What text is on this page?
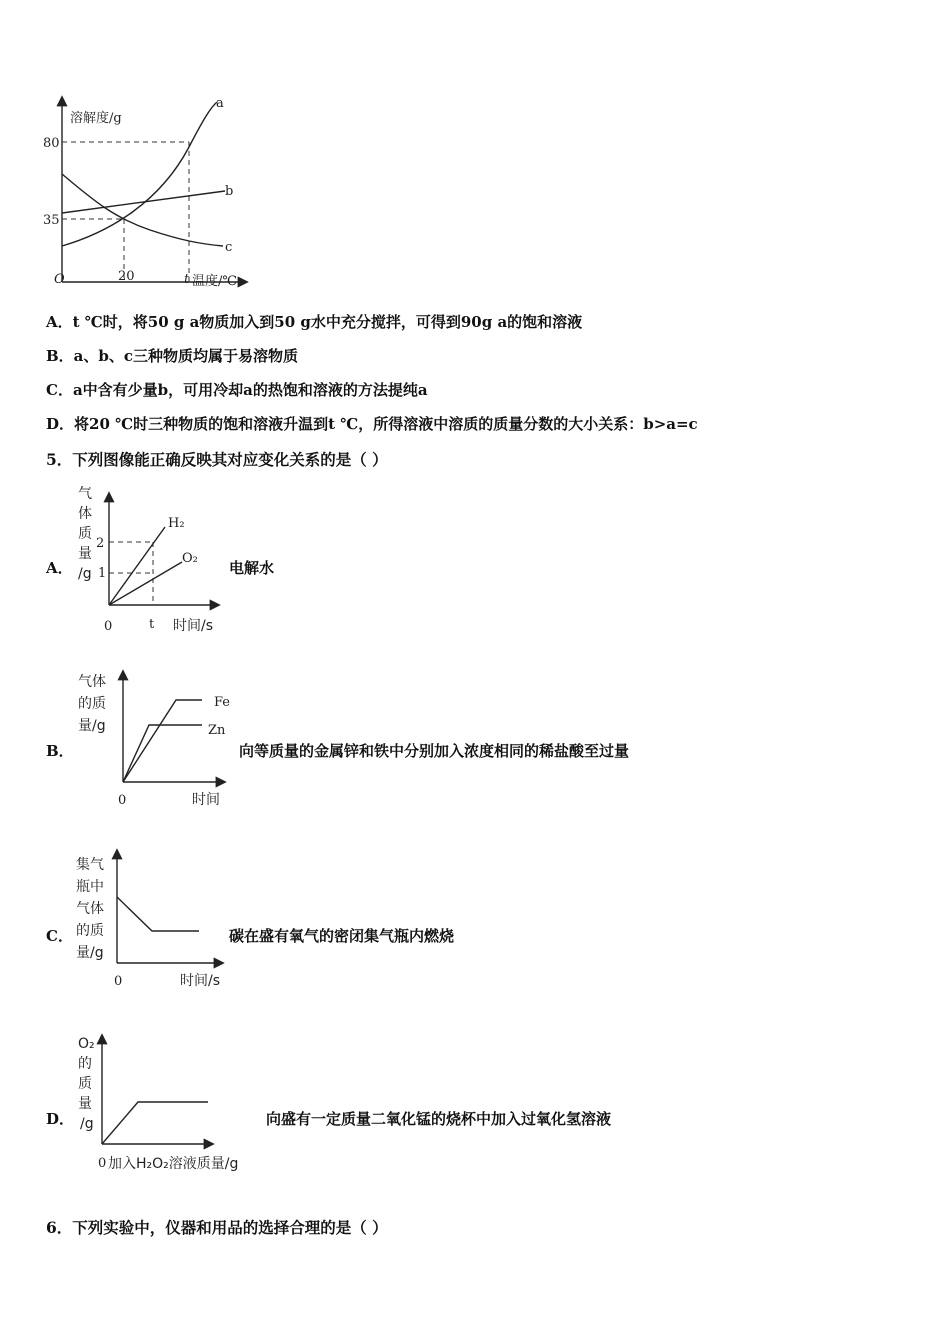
溶解度/g
温度/℃
O
80
35
20	t
a
b
c
A．t ℃时，将50 g a物质加入到50 g水中充分搅拌，可得到90g a的饱和溶液
B．a、b、c三种物质均属于易溶物质
C．a中含有少量b，可用冷却a的热饱和溶液的方法提纯a
D．将20 ℃时三种物质的饱和溶液升温到t ℃，所得溶液中溶质的质量分数的大小关系：b>a=c
5．下列图像能正确反映其对应变化关系的是（ ）
A．
气
体
质
量
/g
2
1
H₂
O₂
0	t 时间/s
电解水
B．
气体
的质
量/g
Fe
Zn
0	时间
向等质量的金属锌和铁中分别加入浓度相同的稀盐酸至过量
C．
集气
瓶中
气体
的质
量/g
0	时间/s
碳在盛有氧气的密闭集气瓶内燃烧
D．
O₂
的
质
量
/g
0 加入H₂O₂溶液质量/g
向盛有一定质量二氧化锰的烧杯中加入过氧化氢溶液
6．下列实验中，仪器和用品的选择合理的是（ ）
